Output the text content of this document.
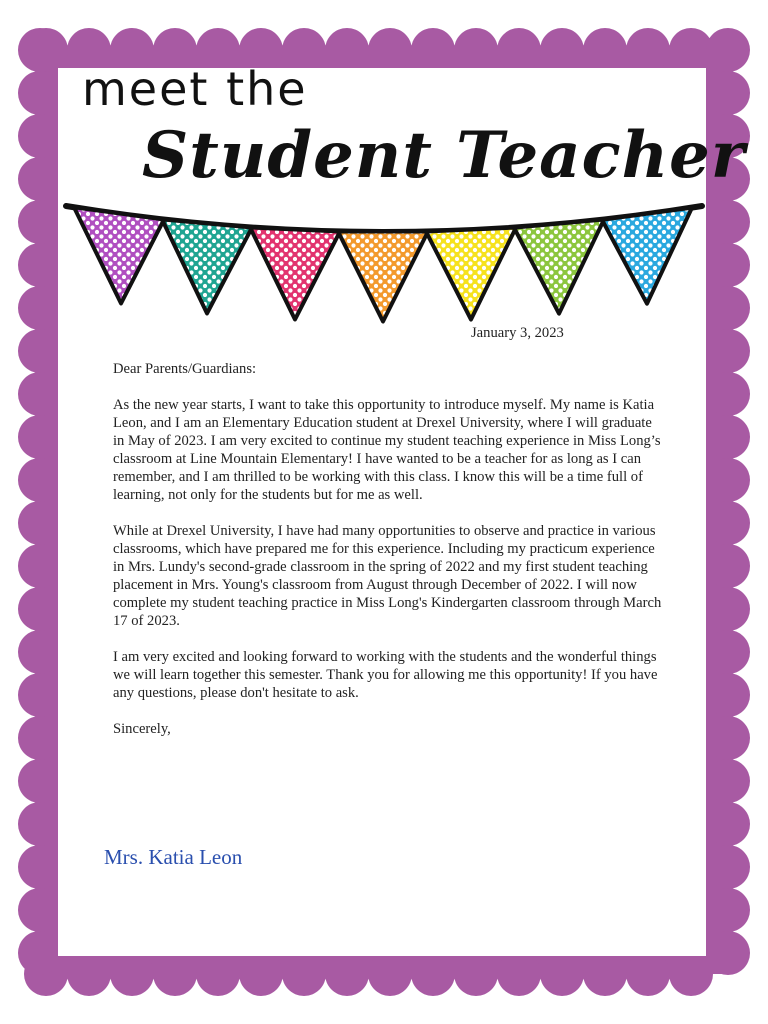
meet the
Student Teacher
January 3, 2023

Dear Parents/Guardians:

As the new year starts, I want to take this opportunity to introduce myself. My name is Katia Leon, and I am an Elementary Education student at Drexel University, where I will graduate in May of 2023. I am very excited to continue my student teaching experience in Miss Long’s classroom at Line Mountain Elementary! I have wanted to be a teacher for as long as I can remember, and I am thrilled to be working with this class. I know this will be a time full of learning, not only for the students but for me as well.

While at Drexel University, I have had many opportunities to observe and practice in various classrooms, which have prepared me for this experience. Including my practicum experience in Mrs. Lundy's second-grade classroom in the spring of 2022 and my first student teaching placement in Mrs. Young's classroom from August through December of 2022. I will now complete my student teaching practice in Miss Long's Kindergarten classroom through March 17 of 2023.

I am very excited and looking forward to working with the students and the wonderful things we will learn together this semester. Thank you for allowing me this opportunity! If you have any questions, please don't hesitate to ask.

Sincerely,

Mrs. Katia Leon
